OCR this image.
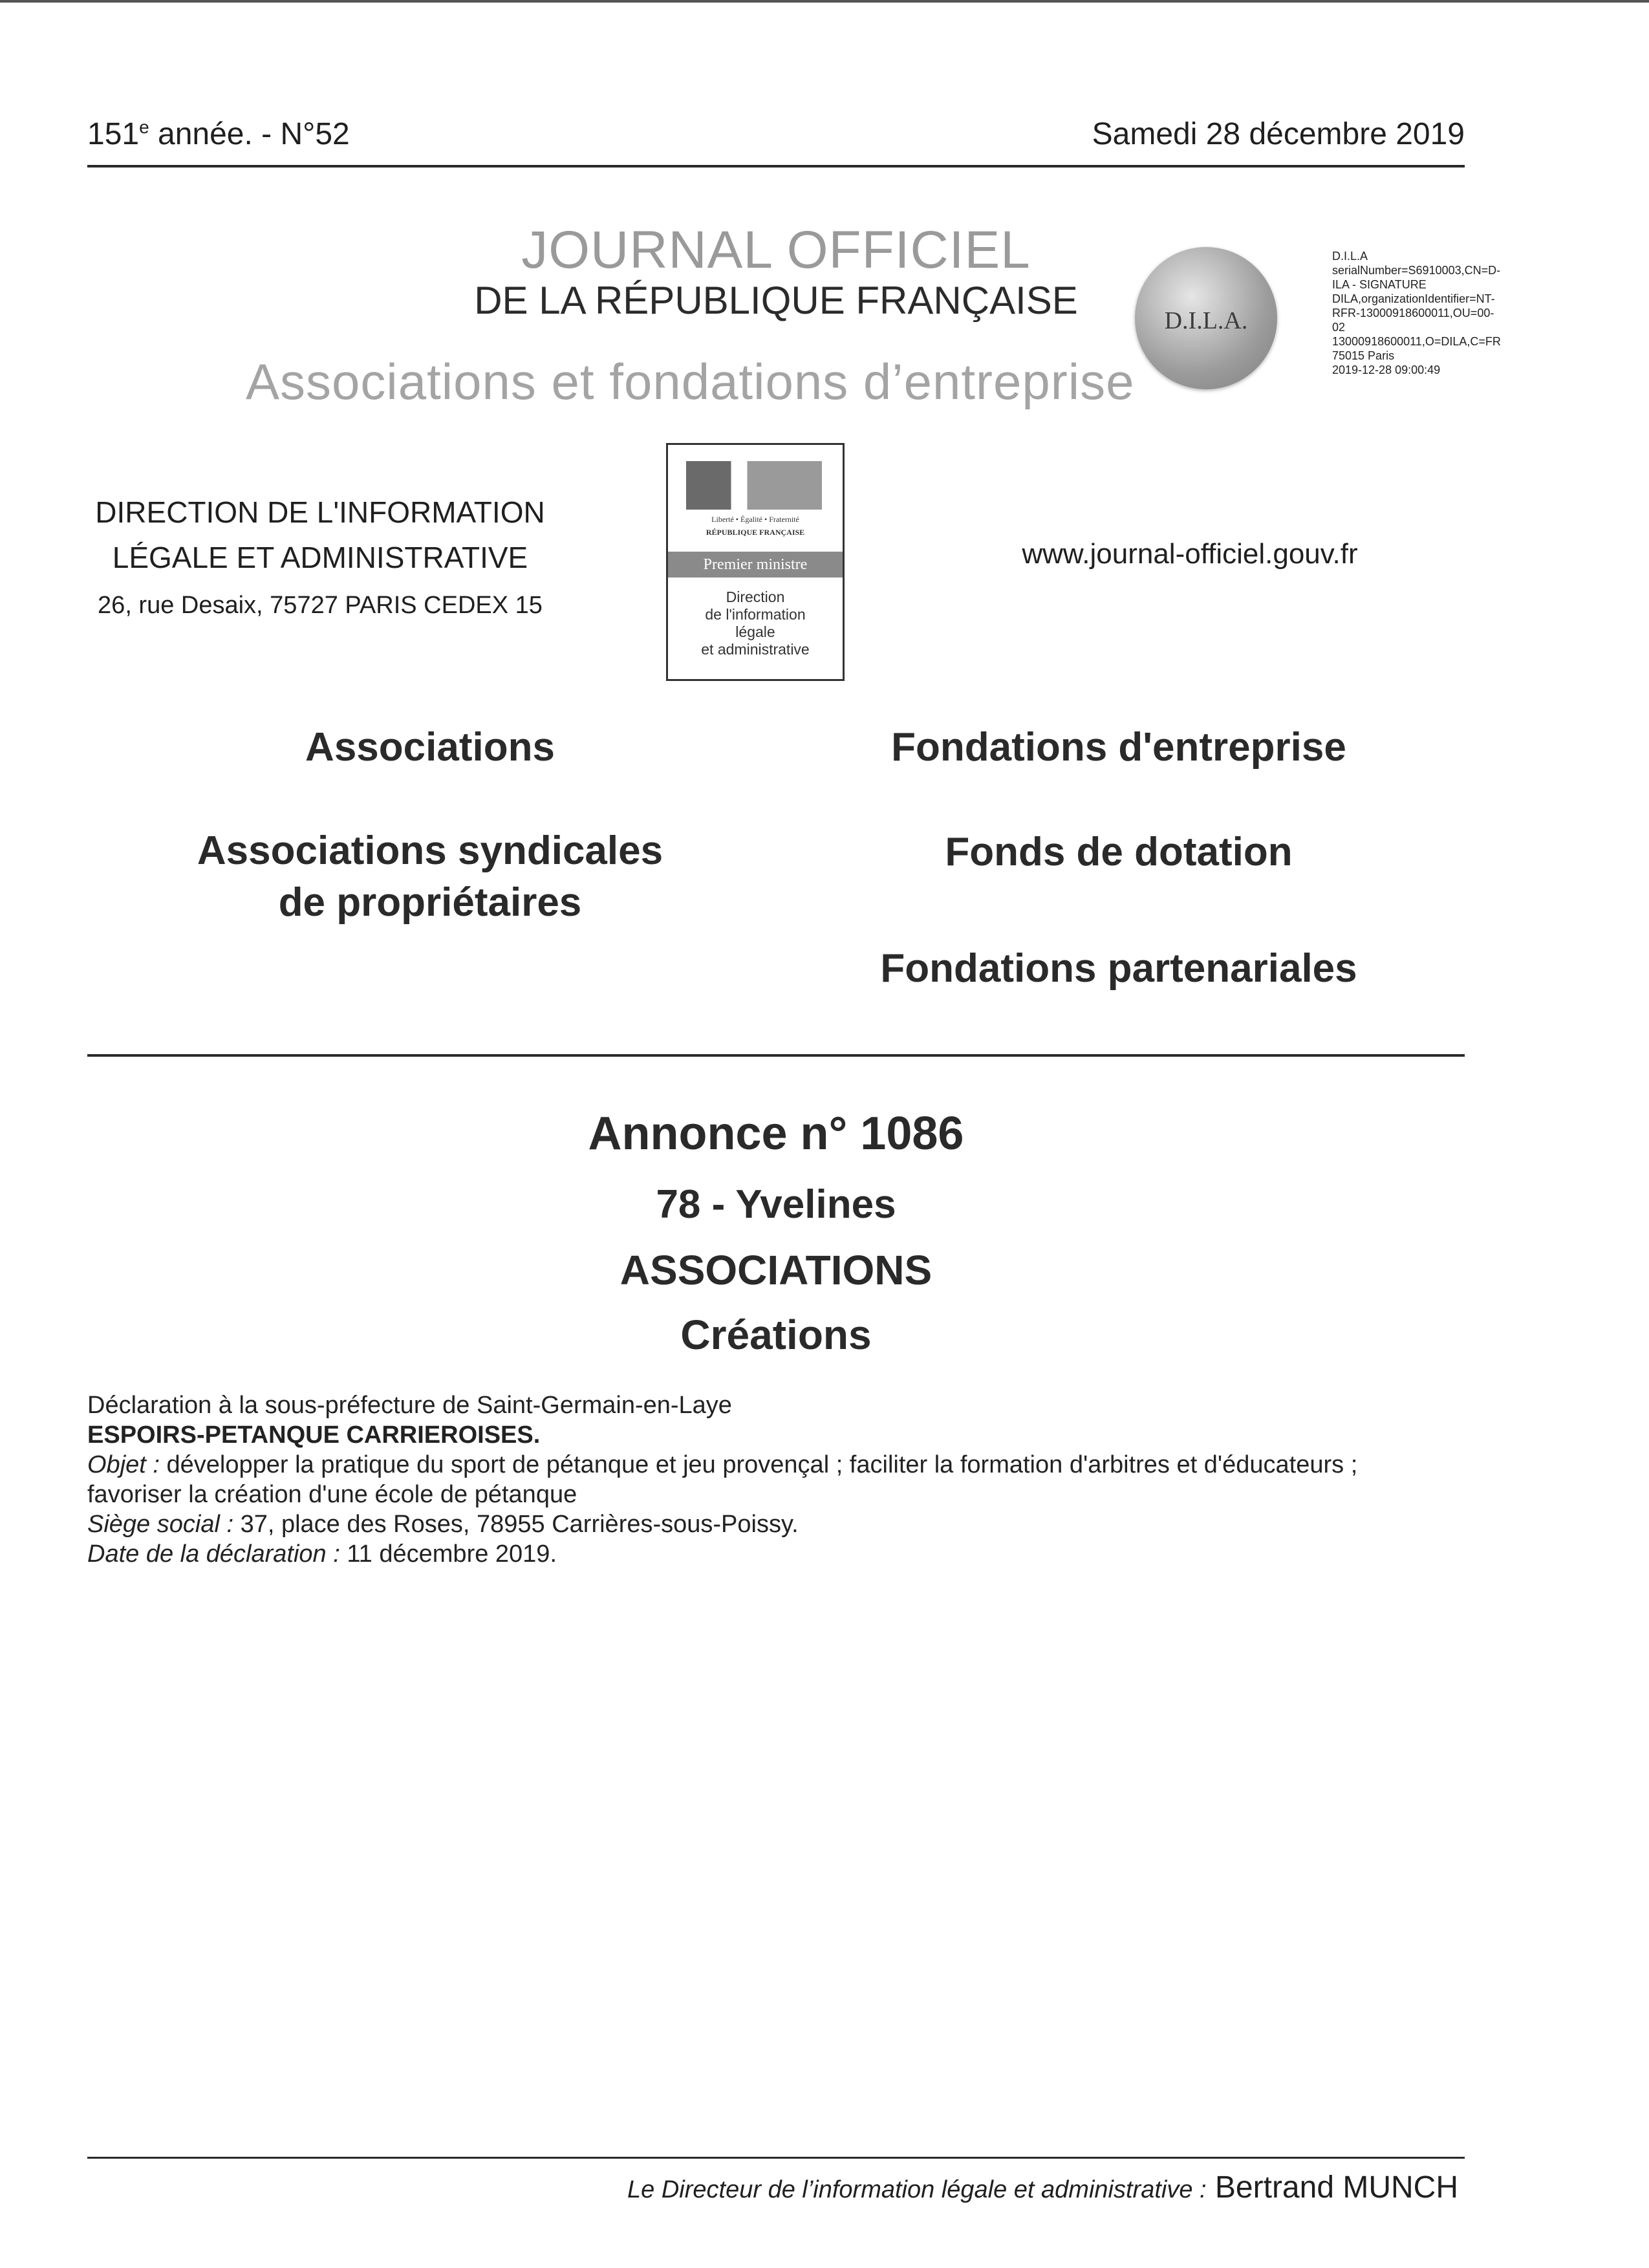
151e année. - N°52	Samedi 28 décembre 2019
JOURNAL OFFICIEL
DE LA RÉPUBLIQUE FRANÇAISE
Associations et fondations d’entreprise
D.I.L.A.
D.I.L.A
serialNumber=S6910003,CN=D-
ILA - SIGNATURE
DILA,organizationIdentifier=NT-
RFR-13000918600011,OU=00-
02
13000918600011,O=DILA,C=FR
75015 Paris
2019-12-28 09:00:49
DIRECTION DE L'INFORMATION
LÉGALE ET ADMINISTRATIVE
26, rue Desaix, 75727 PARIS CEDEX 15
Liberté • Égalité • Fraternité
RÉPUBLIQUE FRANÇAISE
Premier ministre
Direction
de l'information
légale
et administrative
www.journal-officiel.gouv.fr
Associations
Associations syndicales
de propriétaires
Fondations d'entreprise
Fonds de dotation
Fondations partenariales
Annonce n° 1086
78 - Yvelines
ASSOCIATIONS
Créations
Déclaration à la sous-préfecture de Saint-Germain-en-Laye
ESPOIRS-PETANQUE CARRIEROISES.
Objet : développer la pratique du sport de pétanque et jeu provençal ; faciliter la formation d'arbitres et d'éducateurs ;
favoriser la création d'une école de pétanque
Siège social : 37, place des Roses, 78955 Carrières-sous-Poissy.
Date de la déclaration : 11 décembre 2019.
Le Directeur de l’information légale et administrative : Bertrand MUNCH
